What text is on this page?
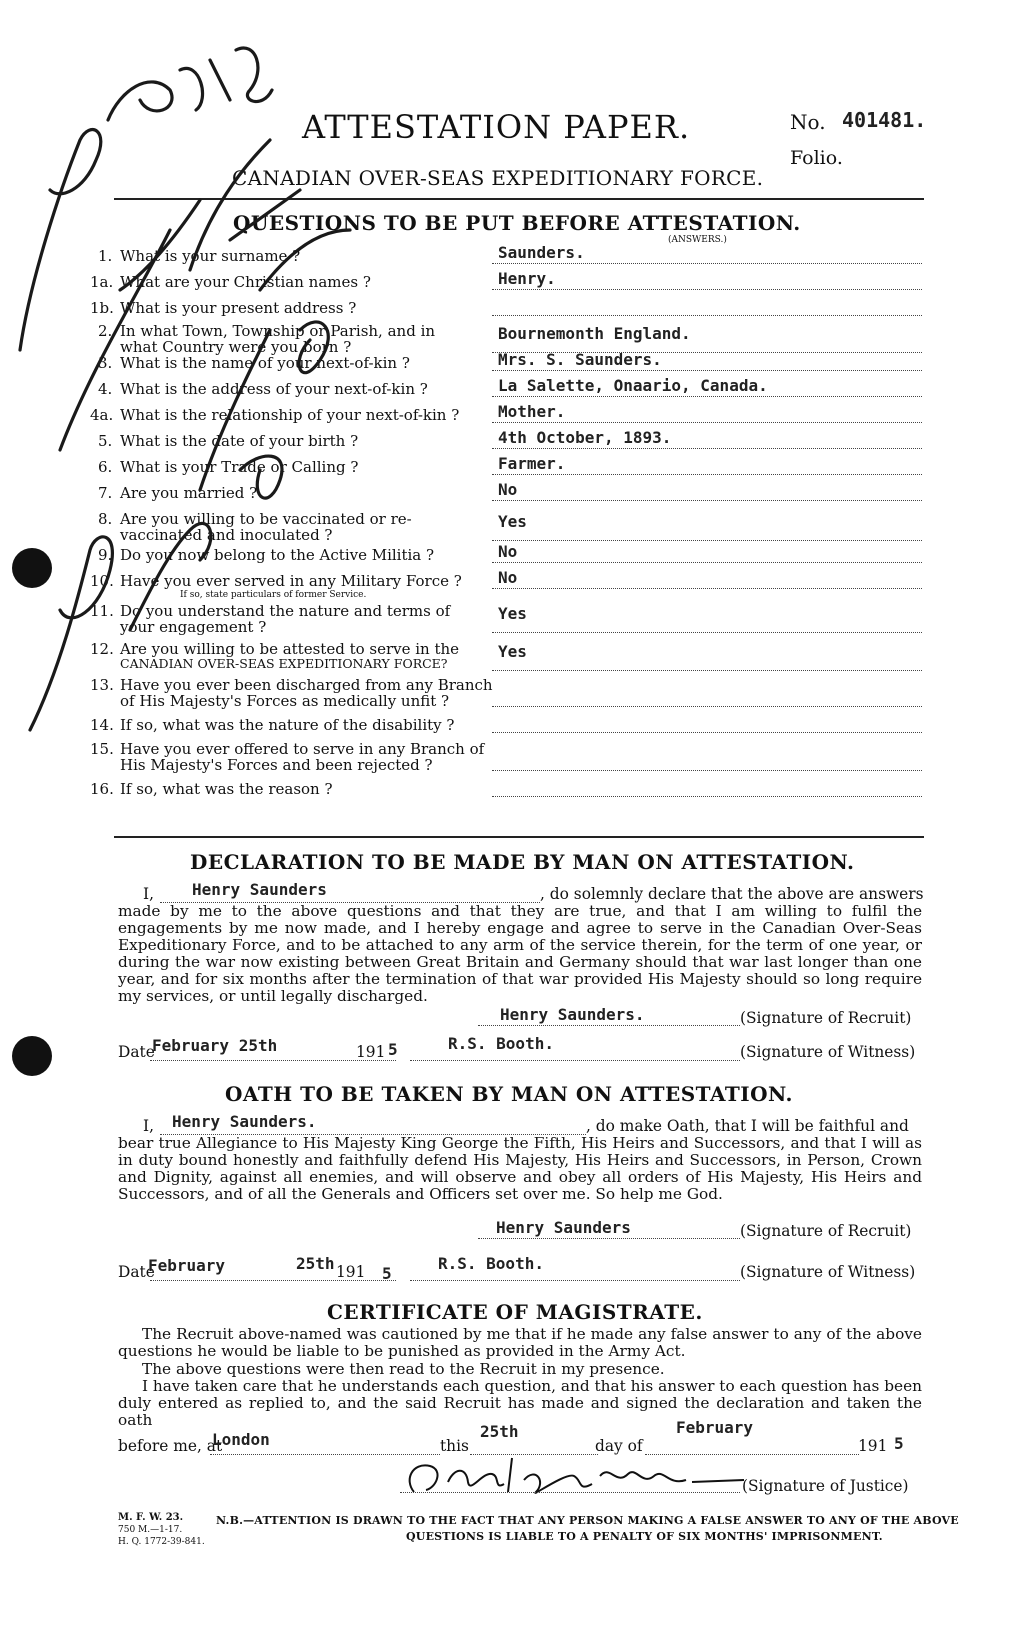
ATTESTATION PAPER.	No. 401481.
Folio.
CANADIAN OVER-SEAS EXPEDITIONARY FORCE.
QUESTIONS TO BE PUT BEFORE ATTESTATION.
(ANSWERS.)
1. What is your surname ?	Saunders.
1a. What are your Christian names ?	Henry.
1b. What is your present address ?
2. In what Town, Township or Parish, and in
what Country were you born ?
Bournemonth England.
3. What is the name of your next-of-kin ?	Mrs. S. Saunders.
4. What is the address of your next-of-kin ?	La Salette, Onaario, Canada.
4a. What is the relationship of your next-of-kin ? Mother.
5. What is the date of your birth ?	4th October, 1893.
6. What is your Trade or Calling ?	Farmer.
7. Are you married ?	No
8. Are you willing to be vaccinated or re-
vaccinated and inoculated ?
Yes
9. Do you now belong to the Active Militia ?	No
10. Have you ever served in any Military Force ?
If so, state particulars of former Service.
No
11. Do you understand the nature and terms of
your engagement ?
Yes
12. Are you willing to be attested to serve in the
CANADIAN OVER-SEAS EXPEDITIONARY FORCE?
Yes
13. Have you ever been discharged from any Branch
of His Majesty's Forces as medically unfit ?
14. If so, what was the nature of the disability ?
15. Have you ever offered to serve in any Branch of
His Majesty's Forces and been rejected ?
16. If so, what was the reason ?
DECLARATION TO BE MADE BY MAN ON ATTESTATION.
I, Henry Saunders	, do solemnly declare that the above are answers
made by me to the above questions and that they are true, and that I am willing to fulfil the engagements by me now made, and I hereby engage and agree to serve in the Canadian Over-Seas Expeditionary Force, and to be attached to any arm of the service therein, for the term of one year, or during the war now existing between Great Britain and Germany should that war last longer than one year, and for six months after the termination of that war provided His Majesty should so long require my services, or until legally discharged.
Henry Saunders.	(Signature of Recruit)
Date
February 25th	191 5	R.S. Booth.	(Signature of Witness)
OATH TO BE TAKEN BY MAN ON ATTESTATION.
I, Henry Saunders.	, do make Oath, that I will be faithful and
bear true Allegiance to His Majesty King George the Fifth, His Heirs and Successors, and that I will as in duty bound honestly and faithfully defend His Majesty, His Heirs and Successors, in Person, Crown and Dignity, against all enemies, and will observe and obey all orders of His Majesty, His Heirs and Successors, and of all the Generals and Officers set over me. So help me God.
Henry Saunders	(Signature of Recruit)
Date
February	25th 191 5
R.S. Booth.	(Signature of Witness)
CERTIFICATE OF MAGISTRATE.
The Recruit above-named was cautioned by me that if he made any false answer to any of the above questions he would be liable to be punished as provided in the Army Act.
The above questions were then read to the Recruit in my presence.
I have taken care that he understands each question, and that his answer to each question has been duly entered as replied to, and the said Recruit has made and signed the declaration and taken the oath
before me, at
London	this
25th
day of
February
191 5
(Signature of Justice)
M. F. W. 23.
750 M.—1-17.
H. Q. 1772-39-841.
N.B.—ATTENTION IS DRAWN TO THE FACT THAT ANY PERSON MAKING A FALSE ANSWER TO ANY OF THE ABOVE
QUESTIONS IS LIABLE TO A PENALTY OF SIX MONTHS' IMPRISONMENT.
